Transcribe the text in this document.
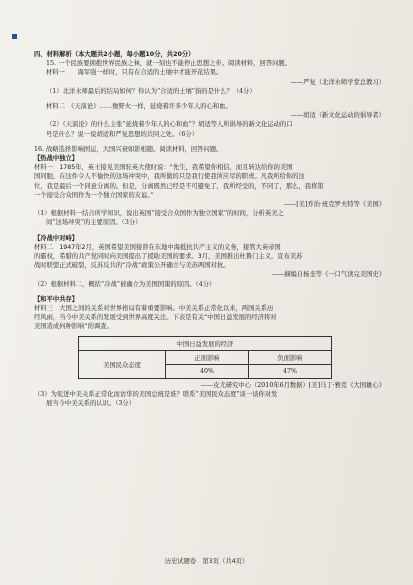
四、材料解析（本大题共2小题，每小题10分，共20分）
15. 一个民族要拥抱世界民族之林，就一刻也不能停止思想之步。阅读材料，回答问题。
材料一　　海军强一样时，只有在合适的土壤中才能开花结果。
——严复（北洋水师学堂总教习）
（1）北洋水师最后的结局如何？你认为“合适的土壤”指的是什么？（4分）
材料二　《天演论》……像野火一样，延烧着许多少年人的心和血。
——胡适（新文化运动的倡导者）
（2）《天演论》的什么主张“延烧着少年人的心和血”？胡适等人所倡导的新文化运动的口
号是什么？说一说胡适和严复思想的共同之处。（6分）
16. 战略选择影响国运，大国兴衰如影相随。阅读材料，回答问题。
【热战中独立】
材料一　1785年，英王接见美国驻英大使时说：“先生，我希望你相信，而且转达给你的美国
国同胞，在这件令人不愉快的这场冲突中，我所做的只是我行使我所应尽的职责。凡我所给你的这
位，我是最后一个同意分离的。但是，分离既然已经是不可避免了，我所经受的，不同了，那么，我将第
一个接受合众国作为一个独立国家的友谊。”
——[美]乔治·班克罗夫特等《美国》
（1）根据材料一结合所学知识，说出英国“接受合众国作为独立国家”的时间，分析英美之
间“这场冲突”的主要原因。（3分）
【冷战中对峙】
材料二　1947年2月，英国希望美国接替在东地中海抵抗共产主义的义务，接管大英帝国
的霸权，希腊的共产党同时向美国提出了援助美国的要求。3月，美国推出杜鲁门主义，宣布美苏
战时联盟正式破裂，反苏反共的“冷战”政策公开确立与美苏两国对抗。
——摘编自杨奎等《一口气读完美国史》
（2）根据材料二，概括“冷战”被确立为美国国策的原因。（4分）
【和平中共存】
材料三　大国之间的关系对世界格局有着重要影响。中美关系正常化以来，两国关系历
经风雨，当今中美关系的发展受到世界高度关注。下表是有关“中国日益发展的经济将对
美国造成何种影响”的调查。
中国日益发展的经济		
美国民众态度	正面影响	负面影响
	40%	47%
——皮尤研究中心（2010年6月数据）[美]马丁·雅克《大国雄心》
（3）为促进中美关系正常化而访华的美国总统是谁？联系“美国民众态度”谈一谈你对发
展当今中美关系的认识。（3分）
历史试题卷　第3页（共4页）
